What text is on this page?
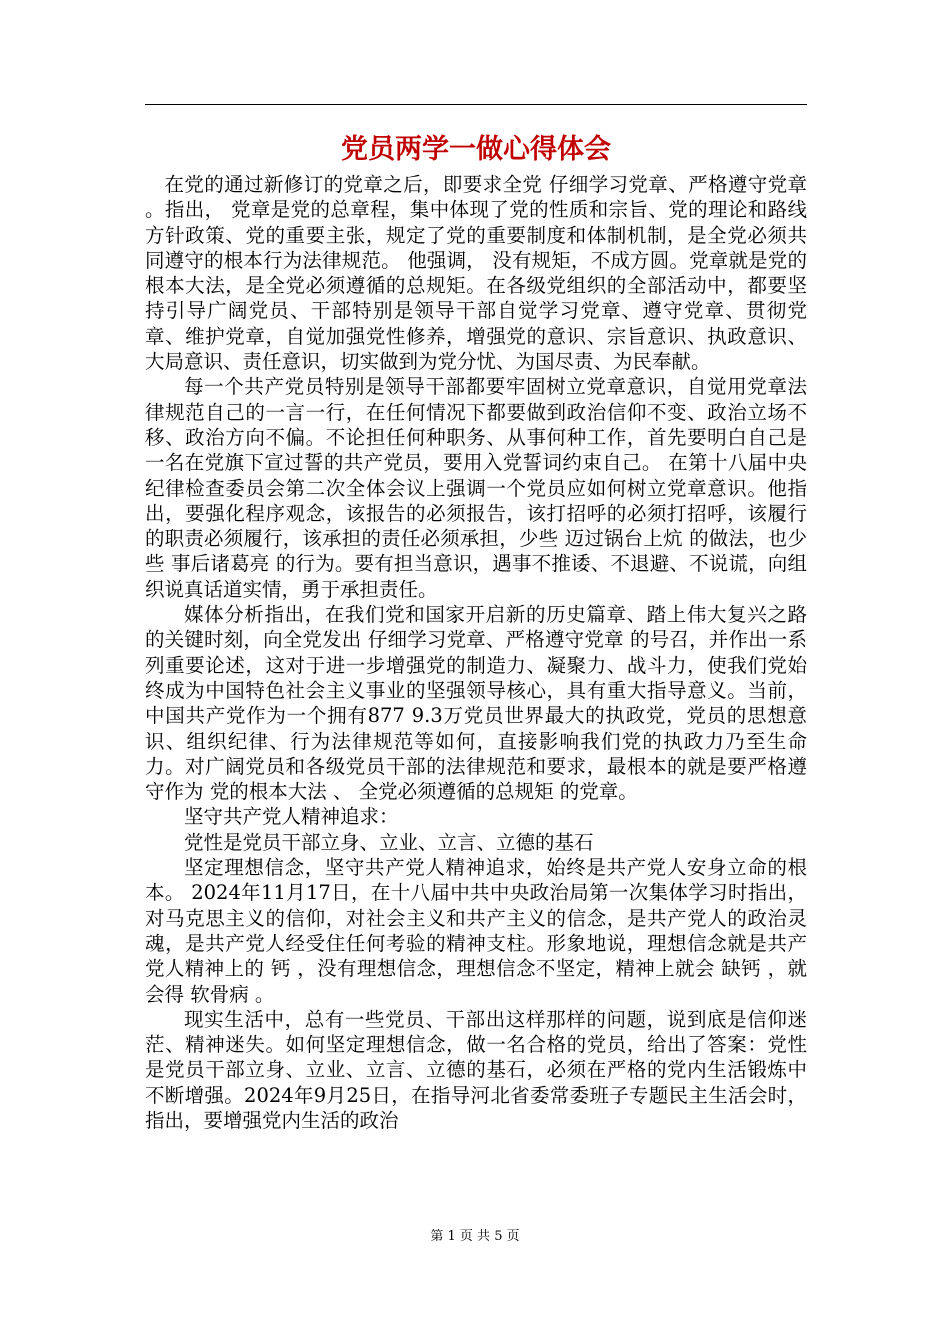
党员两学一做心得体会

在党的通过新修订的党章之后，即要求全党 仔细学习党章、严格遵守党章 。指出， 党章是党的总章程，集中体现了党的性质和宗旨、党的理论和路线方针政策、党的重要主张，规定了党的重要制度和体制机制，是全党必须共同遵守的根本行为法律规范。 他强调， 没有规矩，不成方圆。党章就是党的根本大法，是全党必须遵循的总规矩。在各级党组织的全部活动中，都要坚持引导广阔党员、干部特别是领导干部自觉学习党章、遵守党章、贯彻党章、维护党章，自觉加强党性修养，增强党的意识、宗旨意识、执政意识、大局意识、责任意识，切实做到为党分忧、为国尽责、为民奉献。

每一个共产党员特别是领导干部都要牢固树立党章意识，自觉用党章法律规范自己的一言一行，在任何情况下都要做到政治信仰不变、政治立场不移、政治方向不偏。不论担任何种职务、从事何种工作，首先要明白自己是一名在党旗下宣过誓的共产党员，要用入党誓词约束自己。 在第十八届中央纪律检查委员会第二次全体会议上强调一个党员应如何树立党章意识。他指出，要强化程序观念，该报告的必须报告，该打招呼的必须打招呼，该履行的职责必须履行，该承担的责任必须承担，少些 迈过锅台上炕 的做法，也少些 事后诸葛亮 的行为。要有担当意识，遇事不推诿、不退避、不说谎，向组织说真话道实情，勇于承担责任。

媒体分析指出，在我们党和国家开启新的历史篇章、踏上伟大复兴之路的关键时刻，向全党发出 仔细学习党章、严格遵守党章 的号召，并作出一系列重要论述，这对于进一步增强党的制造力、凝聚力、战斗力，使我们党始终成为中国特色社会主义事业的坚强领导核心，具有重大指导意义。当前，中国共产党作为一个拥有877 9.3万党员世界最大的执政党，党员的思想意识、组织纪律、行为法律规范等如何，直接影响我们党的执政力乃至生命力。对广阔党员和各级党员干部的法律规范和要求，最根本的就是要严格遵守作为 党的根本大法 、 全党必须遵循的总规矩 的党章。

坚守共产党人精神追求：

党性是党员干部立身、立业、立言、立德的基石

坚定理想信念，坚守共产党人精神追求，始终是共产党人安身立命的根本。 2024年11月17日，在十八届中共中央政治局第一次集体学习时指出，对马克思主义的信仰，对社会主义和共产主义的信念，是共产党人的政治灵魂，是共产党人经受住任何考验的精神支柱。形象地说，理想信念就是共产党人精神上的 钙 ，没有理想信念，理想信念不坚定，精神上就会 缺钙 ，就会得 软骨病 。

现实生活中，总有一些党员、干部出这样那样的问题，说到底是信仰迷茫、精神迷失。如何坚定理想信念，做一名合格的党员，给出了答案：党性是党员干部立身、立业、立言、立德的基石，必须在严格的党内生活锻炼中不断增强。2024年9月25日，在指导河北省委常委班子专题民主生活会时，指出，要增强党内生活的政治

第 1 页 共 5 页
